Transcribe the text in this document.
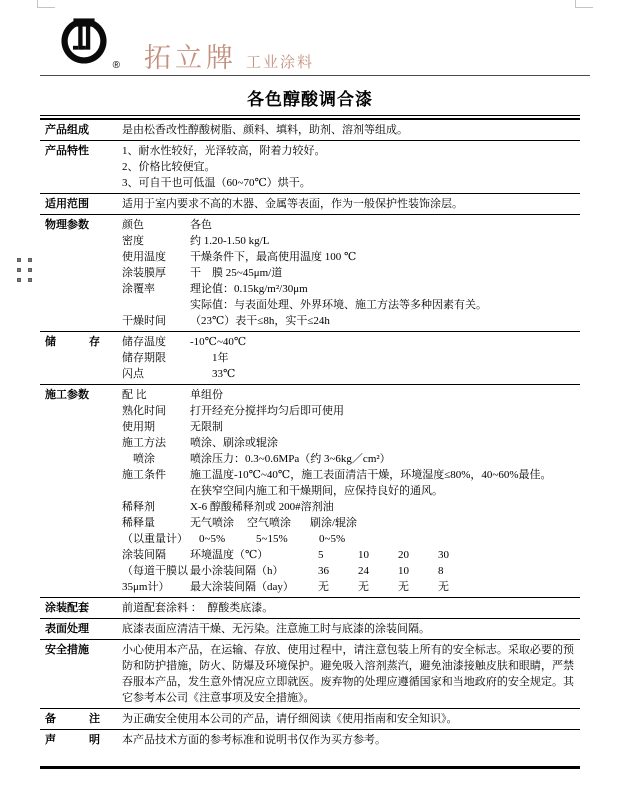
® 拓立牌 工业涂料
各色醇酸调合漆
产品组成	是由松香改性醇酸树脂、颜料、填料，助剂、溶剂等组成。
产品特性	1、耐水性较好，光泽较高，附着力较好。
2、价格比较便宜。
3、可自干也可低温（60~70℃）烘干。
适用范围	适用于室内要求不高的木器、金属等表面，作为一般保护性装饰涂层。
物理参数	颜色	各色
密度	约 1.20-1.50 kg/L
使用温度	干燥条件下，最高使用温度 100 ℃
涂装膜厚	干　膜 25~45μm/道
涂覆率	理论值：0.15kg/m²/30μm
实际值：与表面处理、外界环境、施工方法等多种因素有关。
干燥时间	（23℃）表干≤8h，实干≤24h
储　　　存	储存温度	-10℃~40℃
储存期限	　　1年
闪点	　　33℃
施工参数	配 比	单组份
熟化时间	打开经充分搅拌均匀后即可使用
使用期	无限制
施工方法	喷涂、刷涂或辊涂
　喷涂	喷涂压力：0.3~0.6MPa（约 3~6kg／cm²）
施工条件	施工温度-10℃~40℃，施工表面清洁干燥，环境湿度≤80%，40~60%最佳。
在狭窄空间内施工和干燥期间，应保持良好的通风。
稀释剂	X-6 醇酸稀释剂或 200#溶剂油
稀释量	无气喷涂	空气喷涂	刷涂/辊涂
（以重量计）	0~5%	5~15%	0~5%
涂装间隔	环境温度（℃）	5	10	20	30
（每道干膜以 最小涂装间隔（h）	36	24	10	8
35μm计）	最大涂装间隔（day）	无	无	无	无
涂装配套	前道配套涂料 ：　醇酸类底漆。
表面处理	底漆表面应清洁干燥、无污染。注意施工时与底漆的涂装间隔。
安全措施	小心使用本产品，在运输、存放、使用过程中，请注意包装上所有的安全标志。采取必要的预防和防护措施，防火、防爆及环境保护。避免吸入溶剂蒸汽，避免油漆接触皮肤和眼睛，严禁吞服本产品，发生意外情况应立即就医。废弃物的处理应遵循国家和当地政府的安全规定。其它参考本公司《注意事项及安全措施》。
备　　　注	为正确安全使用本公司的产品，请仔细阅读《使用指南和安全知识》。
声　　　明	本产品技术方面的参考标准和说明书仅作为买方参考。
